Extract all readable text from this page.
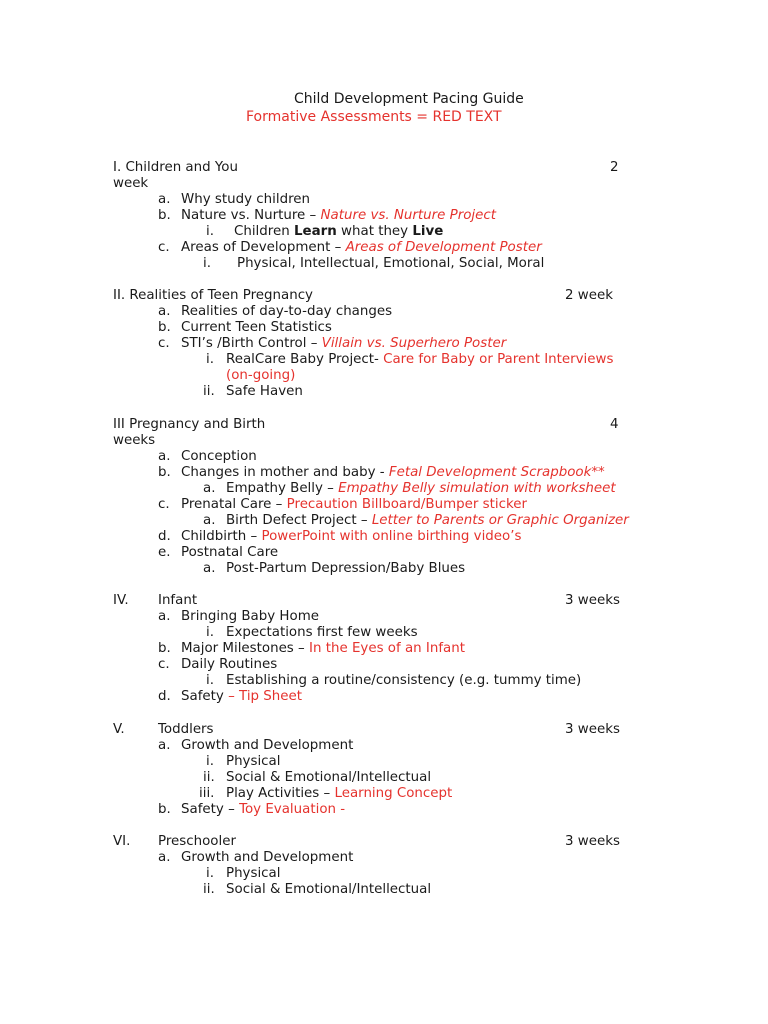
Child Development Pacing Guide
Formative Assessments = RED TEXT
I. Children and You	2
week
a. Why study children
b. Nature vs. Nurture – Nature vs. Nurture Project
i. Children Learn what they Live
c. Areas of Development – Areas of Development Poster
i. Physical, Intellectual, Emotional, Social, Moral
II. Realities of Teen Pregnancy	2 week
a. Realities of day-to-day changes
b. Current Teen Statistics
c. STI’s /Birth Control – Villain vs. Superhero Poster
i. RealCare Baby Project- Care for Baby or Parent Interviews
(on-going)
ii. Safe Haven
III Pregnancy and Birth	4
weeks
a. Conception
b. Changes in mother and baby - Fetal Development Scrapbook**
a. Empathy Belly – Empathy Belly simulation with worksheet
c. Prenatal Care – Precaution Billboard/Bumper sticker
a. Birth Defect Project – Letter to Parents or Graphic Organizer
d. Childbirth – PowerPoint with online birthing video’s
e. Postnatal Care
a. Post-Partum Depression/Baby Blues
IV. Infant	3 weeks
a. Bringing Baby Home
i. Expectations first few weeks
b. Major Milestones – In the Eyes of an Infant
c. Daily Routines
i. Establishing a routine/consistency (e.g. tummy time)
d. Safety – Tip Sheet
V. Toddlers	3 weeks
a. Growth and Development
i. Physical
ii. Social & Emotional/Intellectual
iii. Play Activities – Learning Concept
b. Safety – Toy Evaluation -
VI. Preschooler	3 weeks
a. Growth and Development
i. Physical
ii. Social & Emotional/Intellectual
